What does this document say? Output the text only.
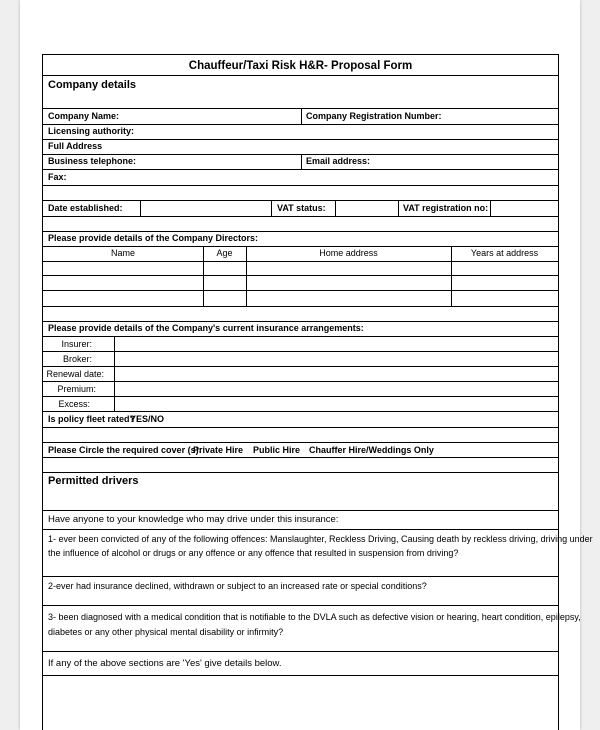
Chauffeur/Taxi Risk H&R- Proposal Form
Company details
Company Name:	Company Registration Number:
Licensing authority:
Full Address
Business telephone:	Email address:
Fax:
Date established:	VAT status:	VAT registration no:
Please provide details of the Company Directors:
Name	Age	Home address	Years at address
Please provide details of the Company's current insurance arrangements:
Insurer:
Broker:
Renewal date:
Premium:
Excess:
Is policy fleet rated?
YES/NO
Please Circle the required cover (s):
Private Hire Public Hire Chauffer Hire/Weddings Only
Permitted drivers
Have anyone to your knowledge who may drive under this insurance:
1- ever been convicted of any of the following offences: Manslaughter, Reckless Driving, Causing death by reckless driving, driving under
the influence of alcohol or drugs or any offence or any offence that resulted in suspension from driving?
2-ever had insurance declined, withdrawn or subject to an increased rate or special conditions?
3- been diagnosed with a medical condition that is notifiable to the DVLA such as defective vision or hearing, heart condition, epilepsy,
diabetes or any other physical mental disability or infirmity?
If any of the above sections are 'Yes' give details below.
